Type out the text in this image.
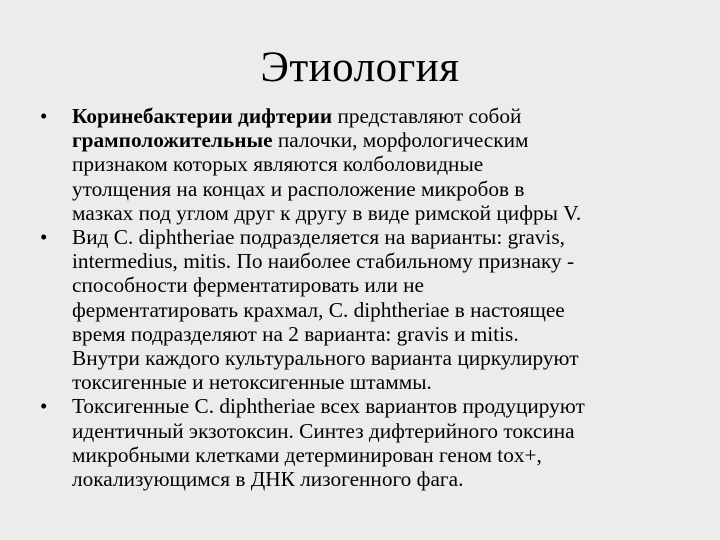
Этиология
• Коринебактерии дифтерии представляют собой
грамположительные палочки, морфологическим
признаком которых являются колболовидные
утолщения на концах и расположение микробов в
мазках под углом друг к другу в виде римской цифры V.
• Вид C. diphtheriae подразделяется на варианты: gravis,
intermedius, mitis. По наиболее стабильному признаку -
способности ферментатировать или не
ферментатировать крахмал, C. diphtheriae в настоящее
время подразделяют на 2 варианта: gravis и mitis.
Внутри каждого культурального варианта циркулируют
токсигенные и нетоксигенные штаммы.
• Токсигенные C. diphtheriae всех вариантов продуцируют
идентичный экзотоксин. Синтез дифтерийного токсина
микробными клетками детерминирован геном tox+,
локализующимся в ДНК лизогенного фага.
